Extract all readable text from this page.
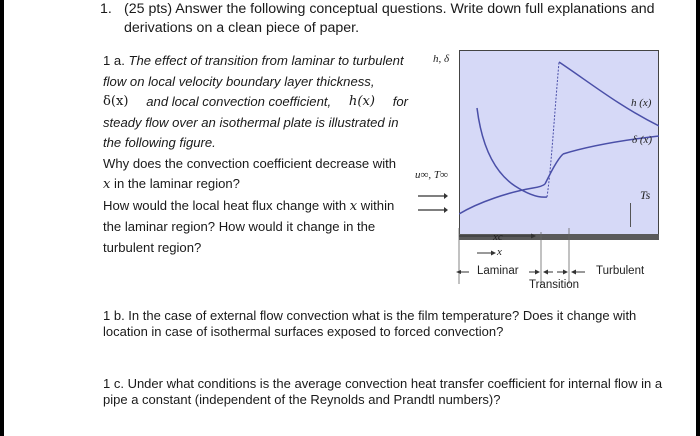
1. (25 pts) Answer the following conceptual questions. Write down full explanations and derivations on a clean piece of paper.
1 a. The effect of transition from laminar to turbulent
flow on local velocity boundary layer thickness,
δ(x) and local convection coefficient, h(x) for
steady flow over an isothermal plate is illustrated in
the following figure.
Why does the convection coefficient decrease with
x in the laminar region?
How would the local heat flux change with x within
the laminar region? How would it change in the
turbulent region?
h, δ
h (x)
δ (x)
Ts
u∞, T∞
xc
x
Laminar
Transition
Turbulent
1 b. In the case of external flow convection what is the film temperature? Does it change with location in case of isothermal surfaces exposed to forced convection?
1 c. Under what conditions is the average convection heat transfer coefficient for internal flow in a pipe a constant (independent of the Reynolds and Prandtl numbers)?
